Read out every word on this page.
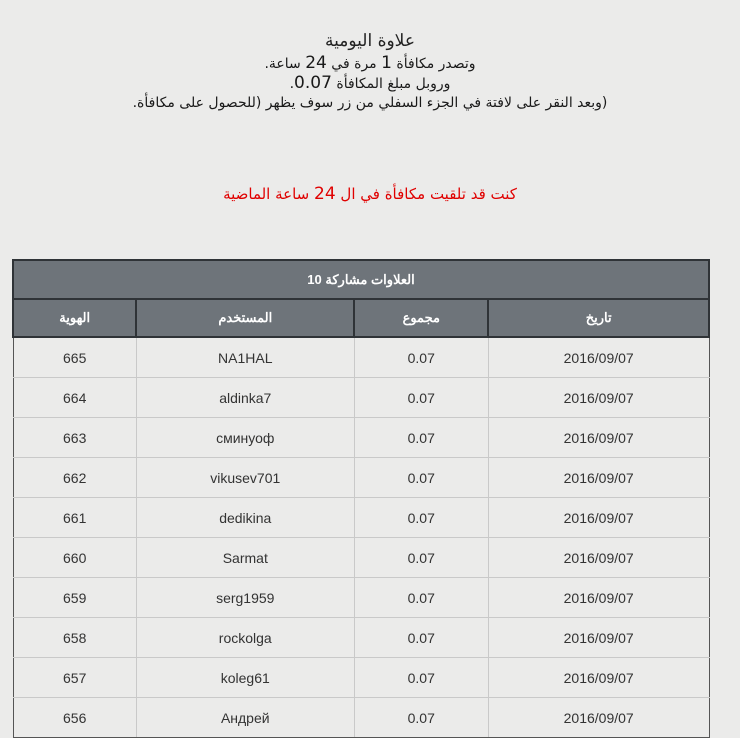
علاوة اليومية
وتصدر مكافأة 1 مرة في 24 ساعة.
وروبل مبلغ المكافأة 0.07.
(وبعد النقر على لافتة في الجزء السفلي من زر سوف يظهر (للحصول على مكافأة.
كنت قد تلقيت مكافأة في ال 24 ساعة الماضية
العلاوات مشاركة 10			
تاريخ	مجموع	المستخدم	الهوية
2016/09/07	0.07	NA1HAL	665
2016/09/07	0.07	aldinka7	664
2016/09/07	0.07	сминуоф	663
2016/09/07	0.07	vikusev701	662
2016/09/07	0.07	dedikina	661
2016/09/07	0.07	Sarmat	660
2016/09/07	0.07	serg1959	659
2016/09/07	0.07	rockolga	658
2016/09/07	0.07	koleg61	657
2016/09/07	0.07	Андрей	656
